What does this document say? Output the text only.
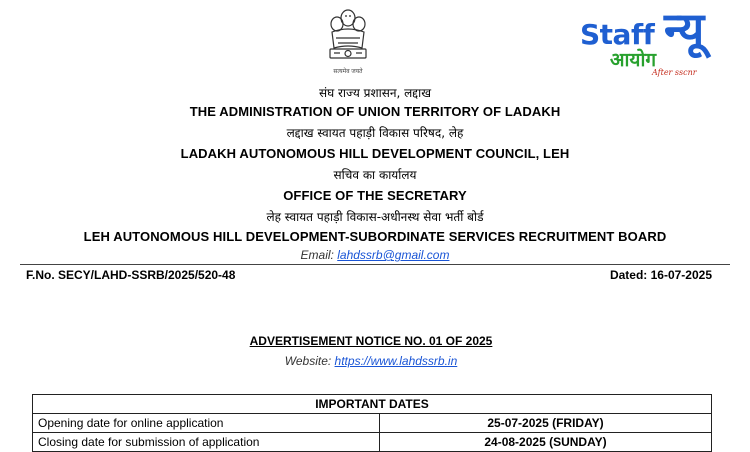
सत्यमेव जयते
Staff न्यू
आयोग
After sscnr
संघ राज्य प्रशासन, लद्दाख
THE ADMINISTRATION OF UNION TERRITORY OF LADAKH
लद्दाख स्वायत पहाड़ी विकास परिषद, लेह
LADAKH AUTONOMOUS HILL DEVELOPMENT COUNCIL, LEH
सचिव का कार्यालय
OFFICE OF THE SECRETARY
लेह स्वायत पहाड़ी विकास-अधीनस्थ सेवा भर्ती बोर्ड
LEH AUTONOMOUS HILL DEVELOPMENT-SUBORDINATE SERVICES RECRUITMENT BOARD
Email: lahdssrb@gmail.com
F.No. SECY/LAHD-SSRB/2025/520-48	Dated: 16-07-2025
ADVERTISEMENT NOTICE NO. 01 OF 2025
Website: https://www.lahdssrb.in
IMPORTANT DATES	
Opening date for online application	25-07-2025 (FRIDAY)
Closing date for submission of application	24-08-2025 (SUNDAY)
